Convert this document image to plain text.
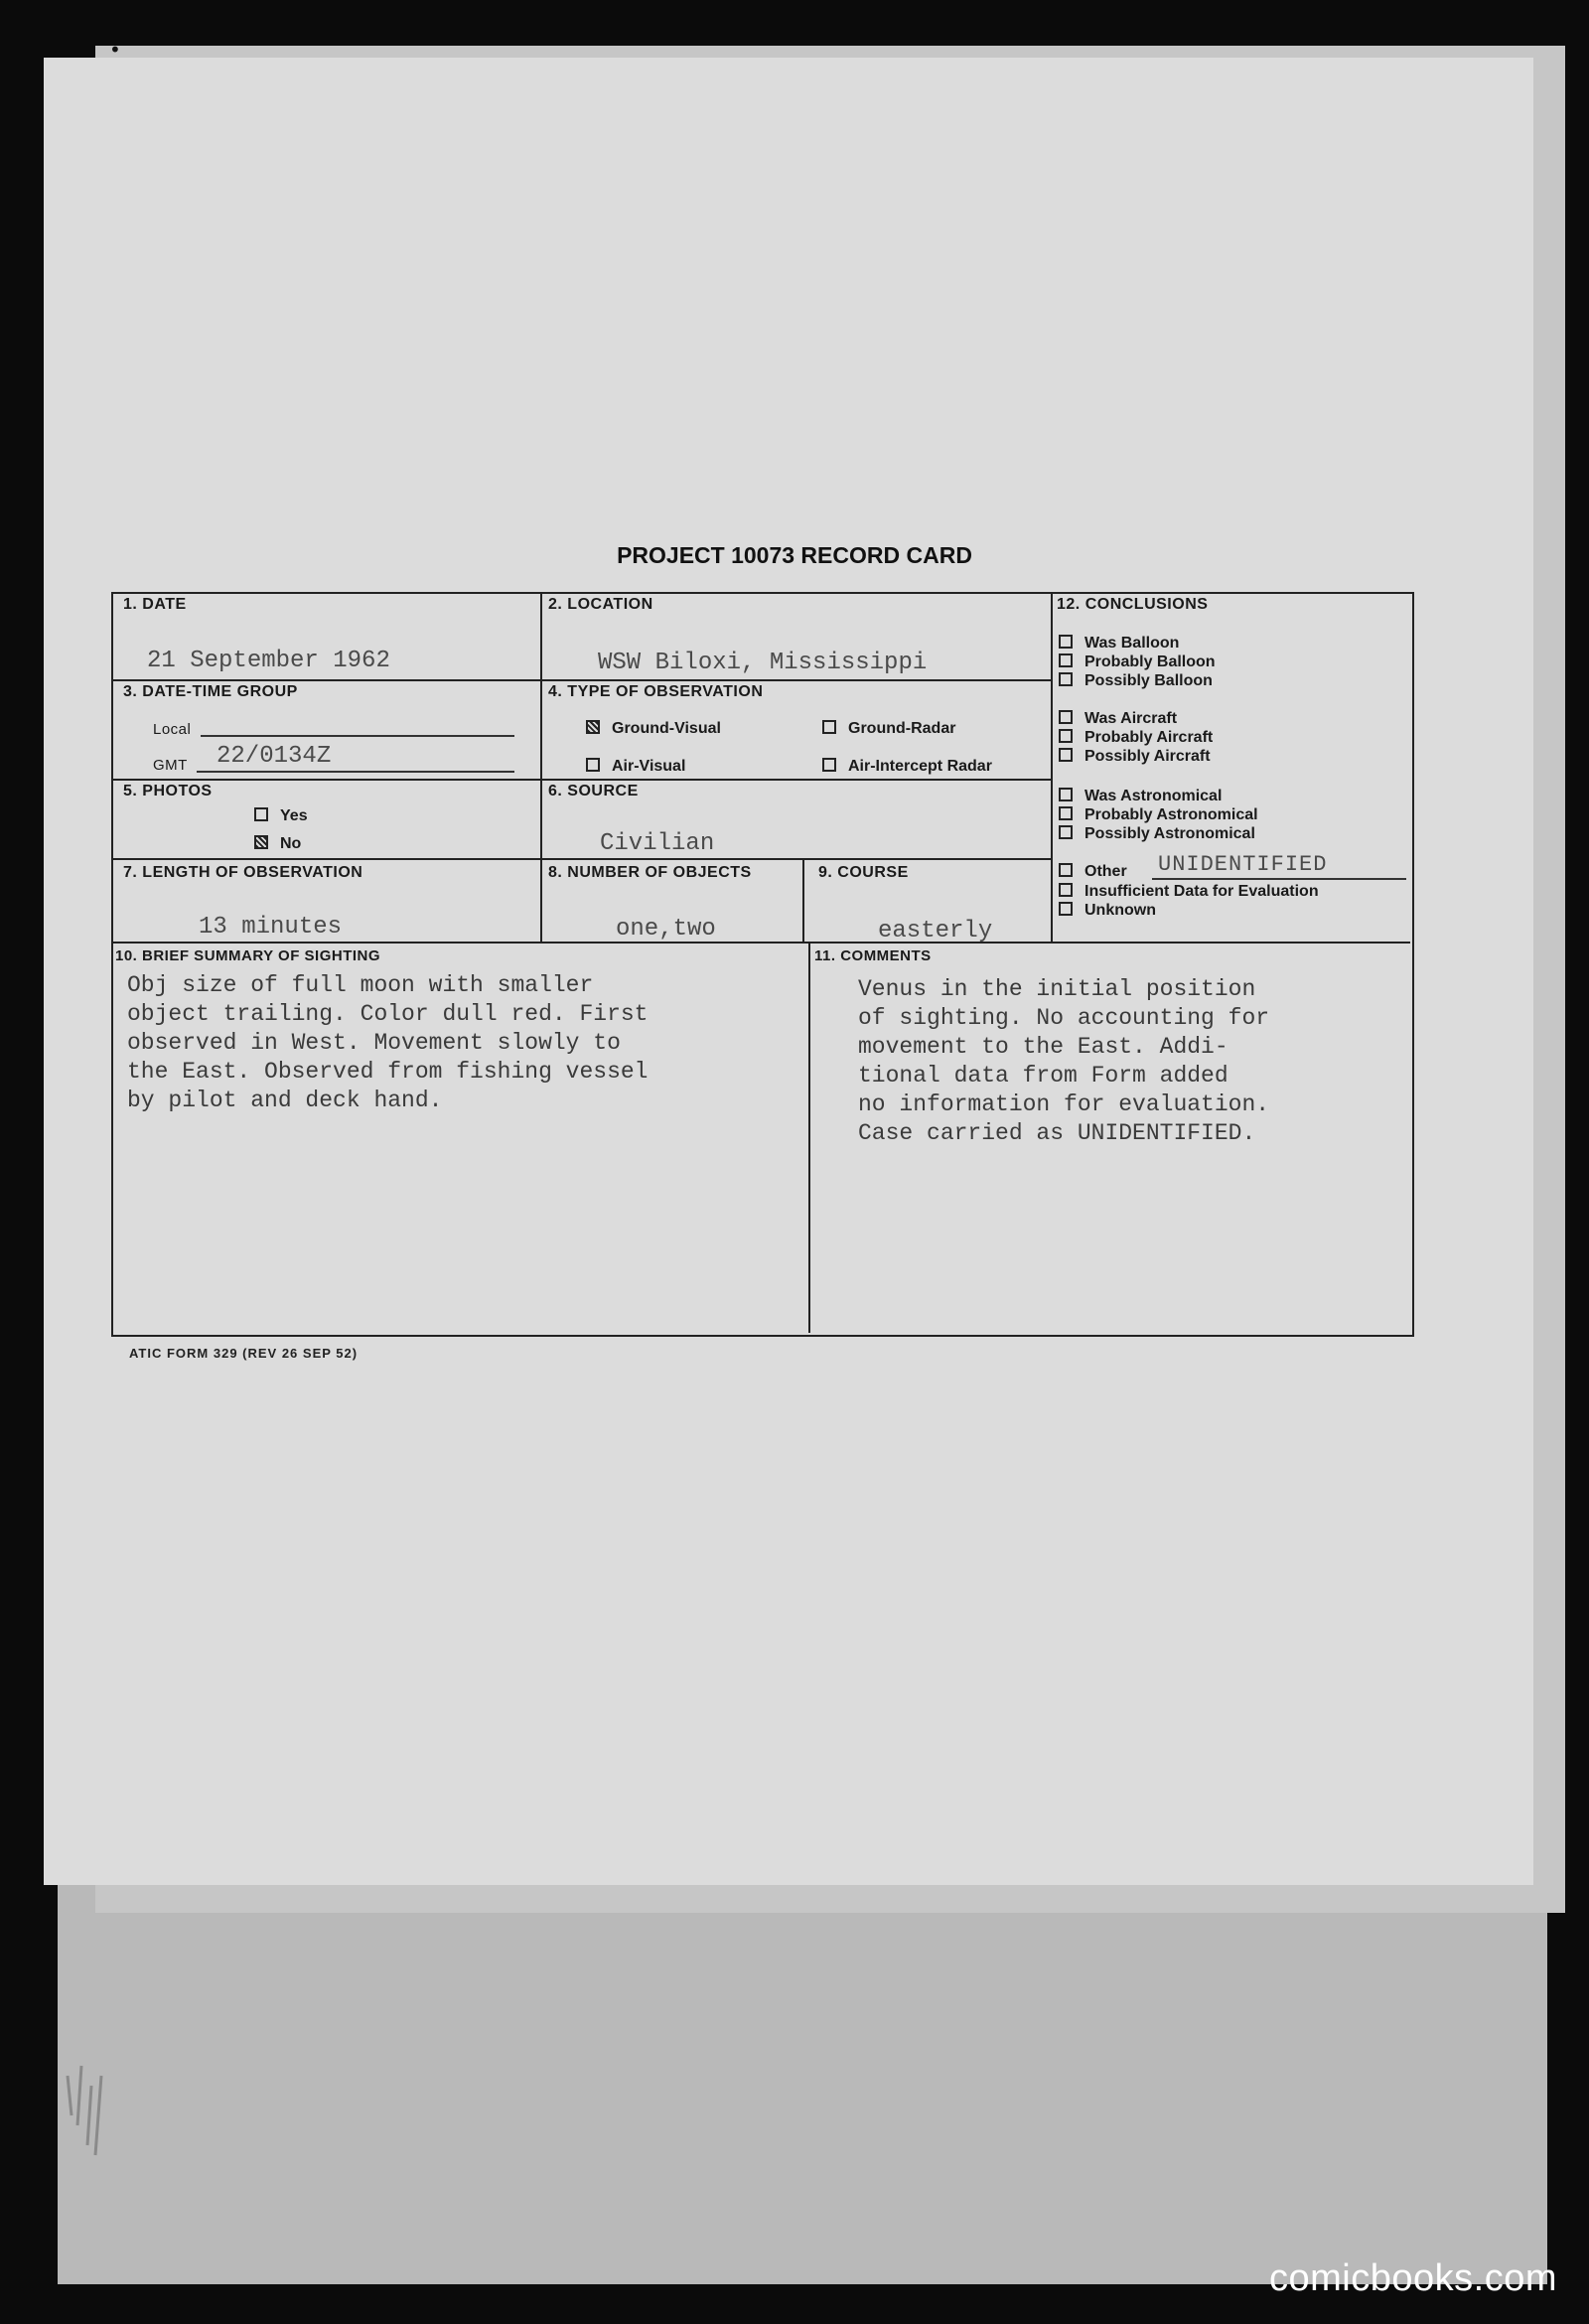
•
PROJECT 10073 RECORD CARD
1. DATE
21 September 1962
2. LOCATION
WSW Biloxi, Mississippi
3. DATE-TIME GROUP
Local
GMT 22/0134Z
4. TYPE OF OBSERVATION
Ground-Visual	Ground-Radar
Air-Visual	Air-Intercept Radar
5. PHOTOS
Yes
No
6. SOURCE
Civilian
7. LENGTH OF OBSERVATION
13 minutes
8. NUMBER OF OBJECTS
one,two
9. COURSE
easterly
12. CONCLUSIONS
Was Balloon
Probably Balloon
Possibly Balloon
Was Aircraft
Probably Aircraft
Possibly Aircraft
Was Astronomical
Probably Astronomical
Possibly Astronomical
Other UNIDENTIFIED
Insufficient Data for Evaluation
Unknown
10. BRIEF SUMMARY OF SIGHTING
Obj size of full moon with smaller
object trailing. Color dull red. First
observed in West. Movement slowly to
the East. Observed from fishing vessel
by pilot and deck hand.
11. COMMENTS
Venus in the initial position
of sighting. No accounting for
movement to the East. Addi-
tional data from Form added
no information for evaluation.
Case carried as UNIDENTIFIED.
ATIC FORM 329 (REV 26 SEP 52)
comicbooks.com
